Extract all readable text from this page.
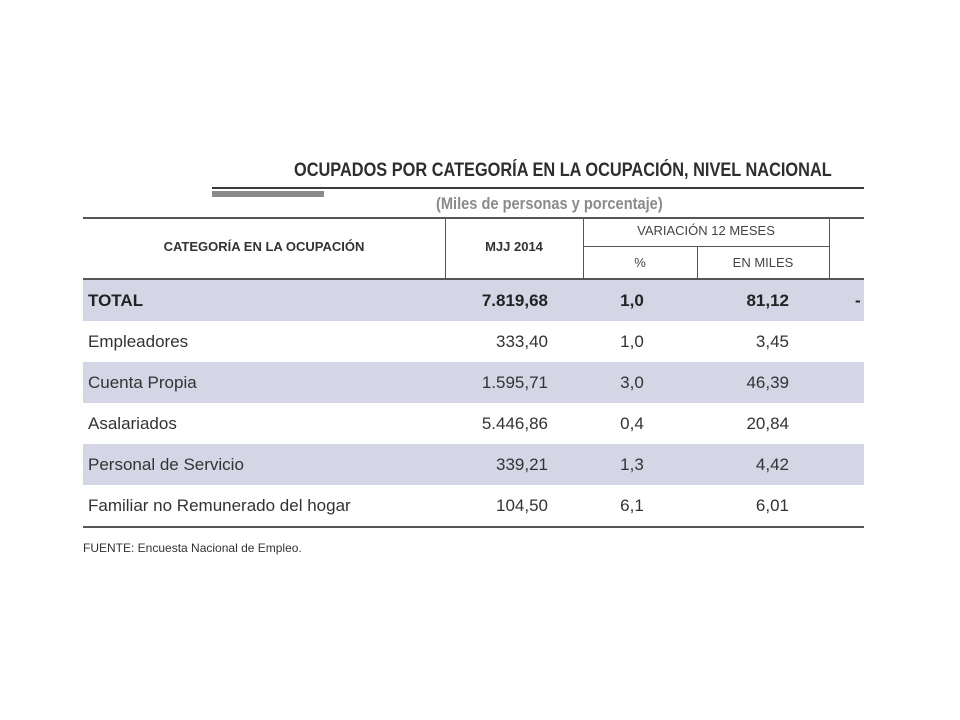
OCUPADOS POR CATEGORÍA EN LA OCUPACIÓN, NIVEL NACIONAL
(Miles de personas y porcentaje)
CATEGORÍA EN LA OCUPACIÓN	MJJ 2014
VARIACIÓN 12 MESES
%	EN MILES
TOTAL	7.819,68	1,0	81,12	-
Empleadores	333,40	1,0	3,45
Cuenta Propia	1.595,71	3,0	46,39
Asalariados	5.446,86	0,4	20,84
Personal de Servicio	339,21	1,3	4,42
Familiar no Remunerado del hogar	104,50	6,1	6,01
FUENTE: Encuesta Nacional de Empleo.
